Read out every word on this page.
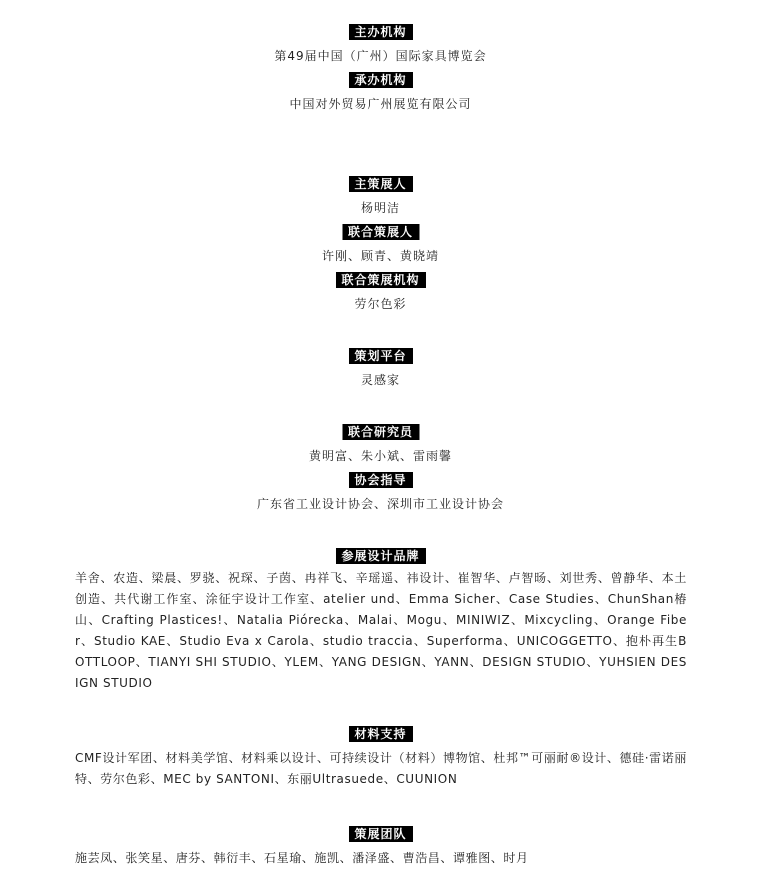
主办机构
第49届中国（广州）国际家具博览会
承办机构
中国对外贸易广州展览有限公司
主策展人
杨明洁
联合策展人
许刚、顾青、黄晓靖
联合策展机构
劳尔色彩
策划平台
灵感家
联合研究员
黄明富、朱小斌、雷雨馨
协会指导
广东省工业设计协会、深圳市工业设计协会
参展设计品牌
羊舍、农造、梁晨、罗骁、祝琛、子茵、冉祥飞、辛瑶遥、祎设计、崔智华、卢智旸、刘世秀、曾静华、本土创造、共代谢工作室、涂征宇设计工作室、atelier und、Emma Sicher、Case Studies、ChunShan椿山、Crafting Plastices!、Natalia Piórecka、Malai、Mogu、MINIWIZ、Mixcycling、Orange Fiber、Studio KAE、Studio Eva x Carola、studio traccia、Superforma、UNICOGGETTO、抱朴再生BOTTLOOP、TIANYI SHI STUDIO、YLEM、YANG DESIGN、YANN、DESIGN STUDIO、YUHSIEN DESIGN STUDIO
材料支持
CMF设计军团、材料美学馆、材料乘以设计、可持续设计（材料）博物馆、杜邦™可丽耐®设计、德硅·雷诺丽特、劳尔色彩、MEC by SANTONI、东丽Ultrasuede、CUUNION
策展团队
施芸凤、张笑星、唐芬、韩衍丰、石星瑜、施凯、潘泽盛、曹浩昌、谭雅图、时月
